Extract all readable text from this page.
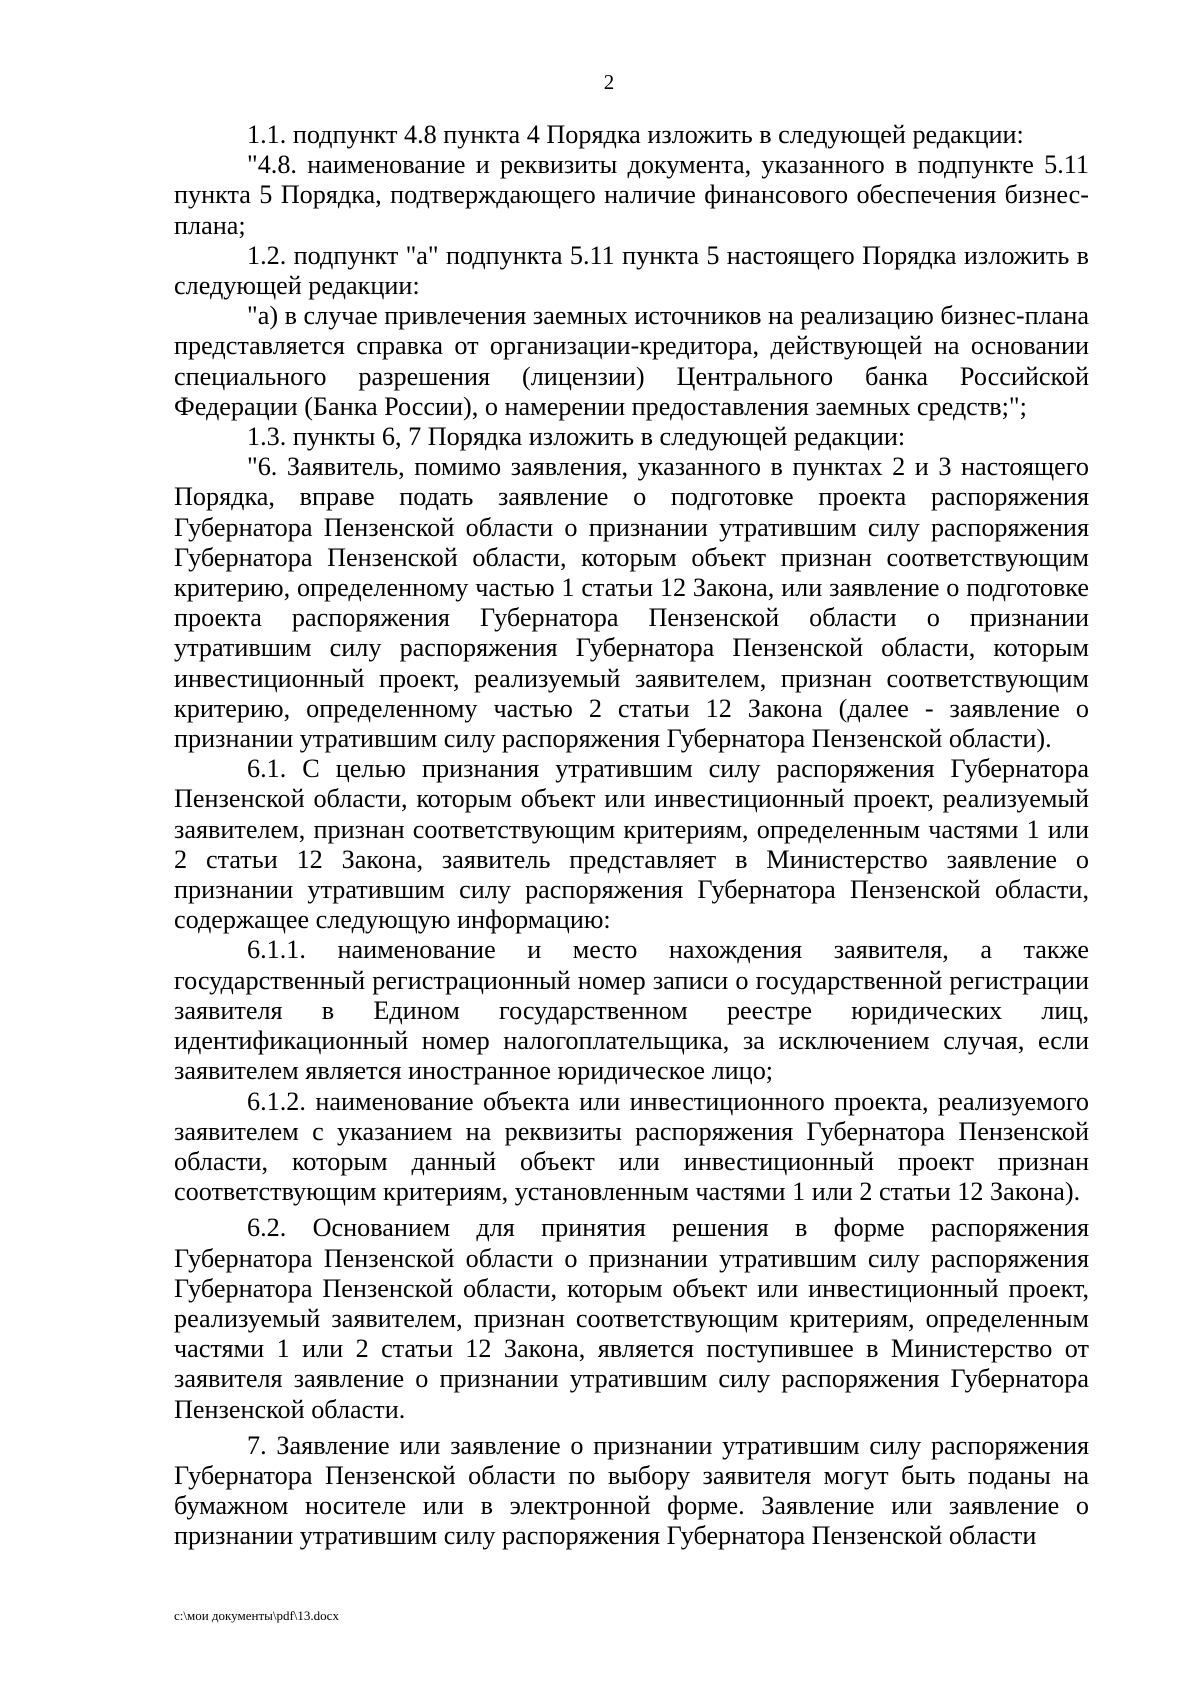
2

1.1. подпункт 4.8 пункта 4 Порядка изложить в следующей редакции:

"4.8. наименование и реквизиты документа, указанного в подпункте 5.11 пункта 5 Порядка, подтверждающего наличие финансового обеспечения бизнес-плана;

1.2. подпункт "а" подпункта 5.11 пункта 5 настоящего Порядка изложить в следующей редакции:

"а) в случае привлечения заемных источников на реализацию бизнес-плана представляется справка от организации-кредитора, действующей на основании специального разрешения (лицензии) Центрального банка Российской Федерации (Банка России), о намерении предоставления заемных средств;";

1.3. пункты 6, 7 Порядка изложить в следующей редакции:

"6. Заявитель, помимо заявления, указанного в пунктах 2 и 3 настоящего Порядка, вправе подать заявление о подготовке проекта распоряжения Губернатора Пензенской области о признании утратившим силу распоряжения Губернатора Пензенской области, которым объект признан соответствующим критерию, определенному частью 1 статьи 12 Закона, или заявление о подготовке проекта распоряжения Губернатора Пензенской области о признании утратившим силу распоряжения Губернатора Пензенской области, которым инвестиционный проект, реализуемый заявителем, признан соответствующим критерию, определенному частью 2 статьи 12 Закона (далее - заявление о признании утратившим силу распоряжения Губернатора Пензенской области).

6.1. С целью признания утратившим силу распоряжения Губернатора Пензенской области, которым объект или инвестиционный проект, реализуемый заявителем, признан соответствующим критериям, определенным частями 1 или 2 статьи 12 Закона, заявитель представляет в Министерство заявление о признании утратившим силу распоряжения Губернатора Пензенской области, содержащее следующую информацию:

6.1.1. наименование и место нахождения заявителя, а также государственный регистрационный номер записи о государственной регистрации заявителя в Едином государственном реестре юридических лиц, идентификационный номер налогоплательщика, за исключением случая, если заявителем является иностранное юридическое лицо;

6.1.2. наименование объекта или инвестиционного проекта, реализуемого заявителем с указанием на реквизиты распоряжения Губернатора Пензенской области, которым данный объект или инвестиционный проект признан соответствующим критериям, установленным частями 1 или 2 статьи 12 Закона).

6.2. Основанием для принятия решения в форме распоряжения Губернатора Пензенской области о признании утратившим силу распоряжения Губернатора Пензенской области, которым объект или инвестиционный проект, реализуемый заявителем, признан соответствующим критериям, определенным частями 1 или 2 статьи 12 Закона, является поступившее в Министерство от заявителя заявление о признании утратившим силу распоряжения Губернатора Пензенской области.

7. Заявление или заявление о признании утратившим силу распоряжения Губернатора Пензенской области по выбору заявителя могут быть поданы на бумажном носителе или в электронной форме. Заявление или заявление о признании утратившим силу распоряжения Губернатора Пензенской области

c:\мои документы\pdf\13.docx
